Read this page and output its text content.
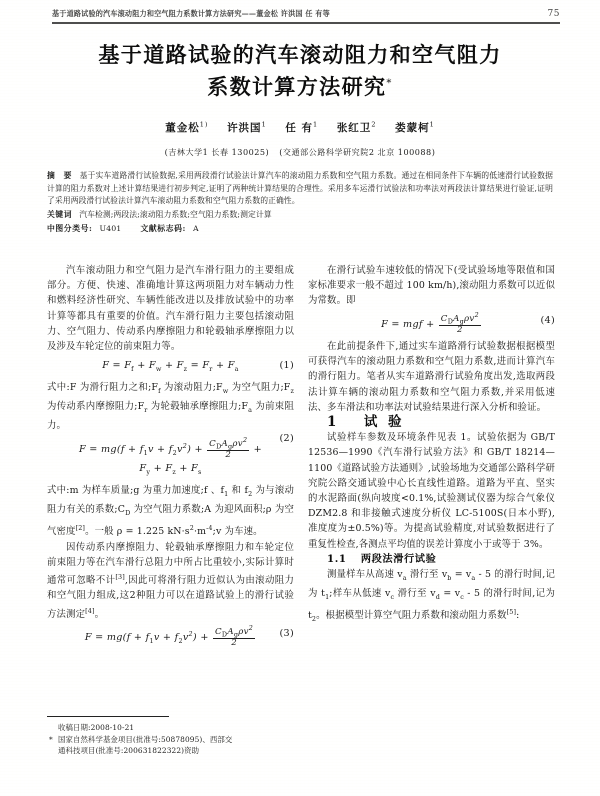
基于道路试验的汽车滚动阻力和空气阻力系数计算方法研究——董金松 许洪国 任 有等	75
基于道路试验的汽车滚动阻力和空气阻力
系数计算方法研究*
董金松$^{1)}$ 许洪国$^1$ 任 有$^1$ 张红卫$^2$ 娄蒙柯$^1$
(吉林大学1 长春 130025) (交通部公路科学研究院2 北京 100088)
摘 要 基于实车道路滑行试验数据,采用两段滑行试验法计算汽车的滚动阻力系数和空气阻力系数。通过在相同条件下车辆的低速滑行试验数据计算的阻力系数对上述计算结果进行初步判定,证明了两种统计算结果的合理性。采用多车运滑行试验法和功率法对两段法计算结果进行验证,证明了采用两段滑行试验法计算汽车滚动阻力系数和空气阻力系数的正确性。
关键词 汽车检测;两段法;滚动阻力系数;空气阻力系数;测定计算
中图分类号: U401 文献标志码: A

汽车滚动阻力和空气阻力是汽车滑行阻力的主要组成部分。方便、快速、准确地计算这两项阻力对车辆动力性和燃料经济性研究、车辆性能改进以及排放试验中的功率计算等都具有重要的价值。汽车滑行阻力主要包括滚动阻力、空气阻力、传动系内摩擦阻力和轮毂轴承摩擦阻力以及涉及车轮定位的前束阻力等。

$F = F_f + F_w + F_z = F_r + F_a$	(1)

式中:F 为滑行阻力之和$;F_f$ 为滚动阻力$;F_w$ 为空气阻力$;F_z$ 为传动系内摩擦阻力$;F_r$ 为轮毂轴承摩擦阻力$;F_a$ 为前束阻力。

$F = mg(f + f_1v + f_2v^2) + \frac{C_DA_g\rho v^2}{2}$ +
$F_y + F_z + F_s$
(2)

式中:m 为样车质量;g 为重力加速度;f 、$f_1$ 和 $f_2$ 为与滚动阻力有关的系数$;C_D$ 为空气阻力系数;A 为迎风面积;ρ 为空气密度[2]。一般 ρ = 1.225 $kN\cdot s^2\cdot m^{-4};v$ 为车速。

因传动系内摩擦阻力、轮毂轴承摩擦阻力和车轮定位前束阻力等在汽车滑行总阻力中所占比重较小,实际计算时通常可忽略不计[3],因此可将滑行阻力近似认为由滚动阻力和空气阻力组成,这2种阻力可以在道路试验上的滑行试验方法测定[4]。

$F = mg(f + f_1v + f_2v^2) + \frac{C_DA_g\rho v^2}{2}$	(3)

在滑行试验车速较低的情况下(受试验场地等限值和国家标准要求一般不超过 100 km/h),滚动阻力系数可以近似为常数。即

F = mgf + $\frac{C_DA_g\rho v^2}{2}$	(4)

在此前提条件下,通过实车道路滑行试验数据根据模型可获得汽车的滚动阻力系数和空气阻力系数,进而计算汽车的滑行阻力。笔者从实车道路滑行试验角度出发,选取两段法计算车辆的滚动阻力系数和空气阻力系数,并采用低速法、多车滑法和功率法对试验结果进行深入分析和验证。

1 试 验

试验样车参数及环境条件见表 1。试验依据为 GB/T 12536—1990《汽车滑行试验方法》和 GB/T 18214—1100《道路试验方法通则》,试验场地为交通部公路科学研究院公路交通试验中心长直线性道路。道路为平直、坚实的水泥路面(纵向坡度<0.1%,试验测试仪器为综合气象仪 DZM2.8 和非接触式速度分析仪 LC-5100S(日本小野),准度度为±0.5%)等。为提高试验精度,对试验数据进行了重复性检查,各测点平均值的误差计算度小于或等于 3%。

1.1 两段法滑行试验

测量样车从高速 $v_a$ 滑行至 $v_b = v_a - 5$ 的滑行时间,记为 $t_1$;样车从低速 $v_c$ 滑行至 $v_d = v_c - 5$ 的滑行时间,记为 $t_2$。根据模型计算空气阻力系数和滚动阻力系数[5]:

收稿日期:2008-10-21
* 国家自然科学基金项目(批准号:50878095)、西部交
通科技项目(批准号:200631822322)资助
